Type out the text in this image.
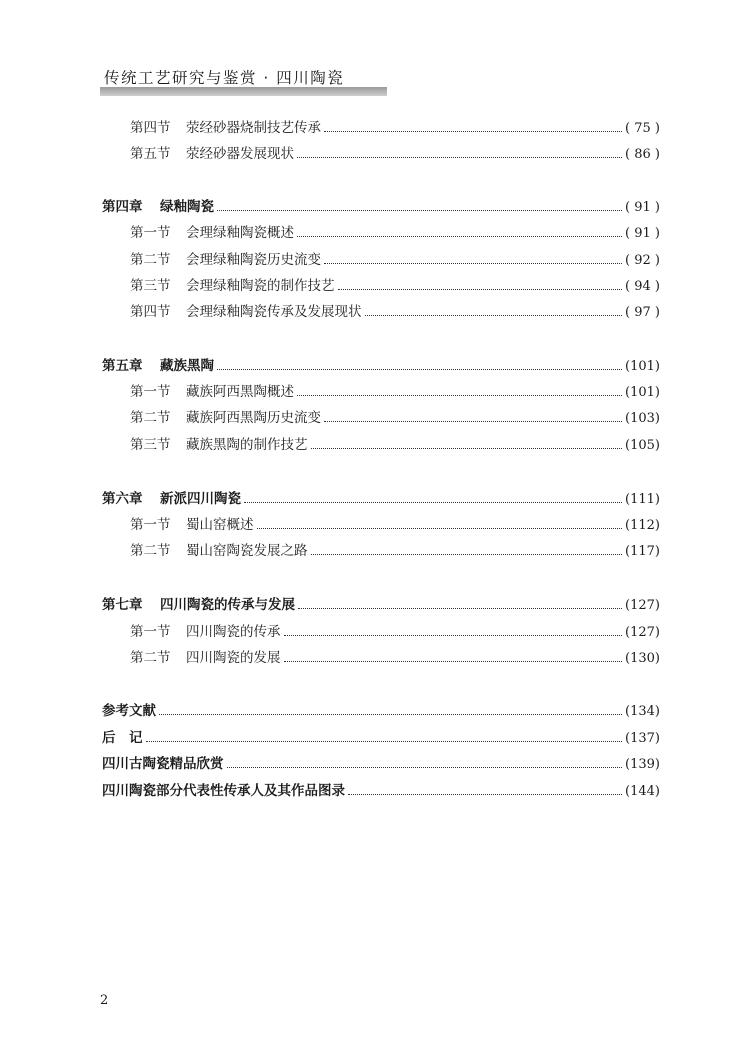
传统工艺研究与鉴赏 · 四川陶瓷
第四节	荥经砂器烧制技艺传承	( 75 )
第五节	荥经砂器发展现状	( 86 )
第四章	绿釉陶瓷	( 91 )
第一节	会理绿釉陶瓷概述	( 91 )
第二节	会理绿釉陶瓷历史流变	( 92 )
第三节	会理绿釉陶瓷的制作技艺	( 94 )
第四节	会理绿釉陶瓷传承及发展现状	( 97 )
第五章	藏族黑陶	(101)
第一节	藏族阿西黑陶概述	(101)
第二节	藏族阿西黑陶历史流变	(103)
第三节	藏族黑陶的制作技艺	(105)
第六章	新派四川陶瓷	(111)
第一节	蜀山窑概述	(112)
第二节	蜀山窑陶瓷发展之路	(117)
第七章	四川陶瓷的传承与发展	(127)
第一节	四川陶瓷的传承	(127)
第二节	四川陶瓷的发展	(130)
参考文献	(134)
后　记	(137)
四川古陶瓷精品欣赏	(139)
四川陶瓷部分代表性传承人及其作品图录	(144)
2
